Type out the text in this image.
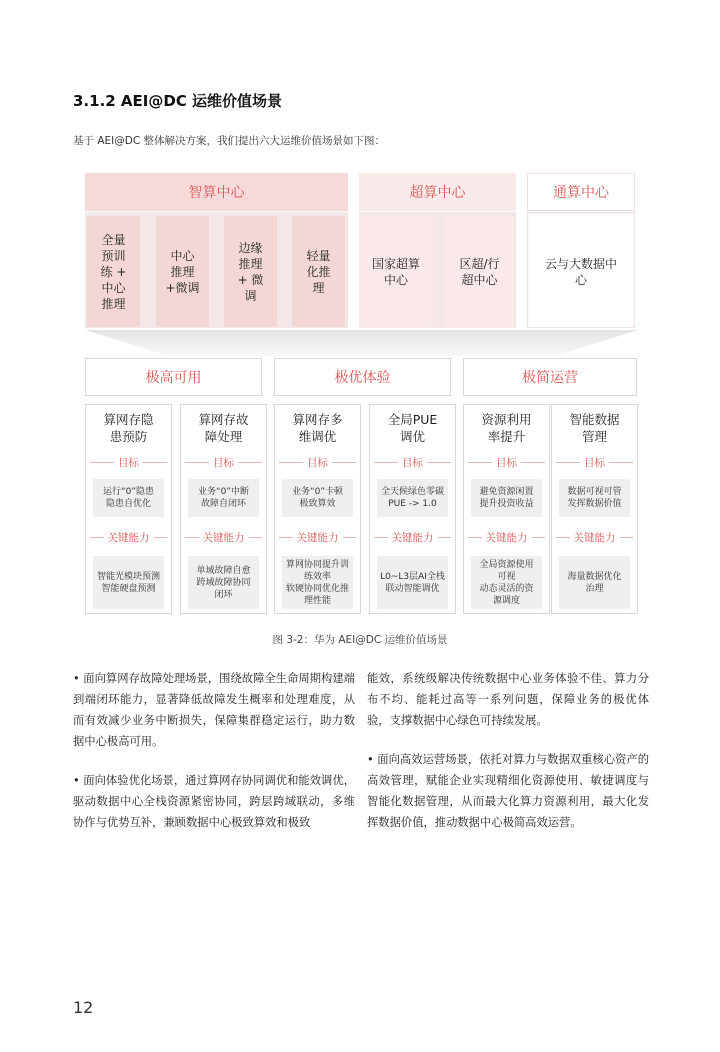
3.1.2 AEI@DC 运维价值场景
基于 AEI@DC 整体解决方案，我们提出六大运维价值场景如下图：
智算中心	超算中心	通算中心
全量
预训
练 +
中心
推理
中心
推理
+微调
边缘
推理
+ 微
调
轻量
化推
理
国家超算
中心
区超/行
超中心
云与大数据中
心
极高可用	极优体验	极简运营
算网存隐
患预防
目标
运行“0”隐患
隐患自优化
关键能力
智能光模块预测
智能硬盘预测
算网存故
障处理
目标
业务“0”中断
故障自闭环
关键能力
单域故障自愈
跨域故障协同
闭环
算网存多
维调优
目标
业务“0”卡顿
极致算效
关键能力
算网协同提升训
练效率
软硬协同优化推
理性能
全局PUE
调优
目标
全天候绿色零碳
PUE -> 1.0
关键能力
L0~L3层AI全栈
联动智能调优
资源利用
率提升
目标
避免资源闲置
提升投资收益
关键能力
全局资源使用
可视
动态灵活的资
源调度
智能数据
管理
目标
数据可视可管
发挥数据价值
关键能力
海量数据优化
治理
图 3-2：华为 AEI@DC 运维价值场景

• 面向算网存故障处理场景，围绕故障全生命周期构建端到端闭环能力，显著降低故障发生概率和处理难度，从而有效减少业务中断损失，保障集群稳定运行，助力数据中心极高可用。

• 面向体验优化场景，通过算网存协同调优和能效调优，驱动数据中心全栈资源紧密协同，跨层跨域联动，多维协作与优势互补，兼顾数据中心极致算效和极致

能效，系统级解决传统数据中心业务体验不佳、算力分布不均、能耗过高等一系列问题，保障业务的极优体验，支撑数据中心绿色可持续发展。

• 面向高效运营场景，依托对算力与数据双重核心资产的高效管理，赋能企业实现精细化资源使用、敏捷调度与智能化数据管理，从而最大化算力资源利用，最大化发挥数据价值，推动数据中心极简高效运营。

12
